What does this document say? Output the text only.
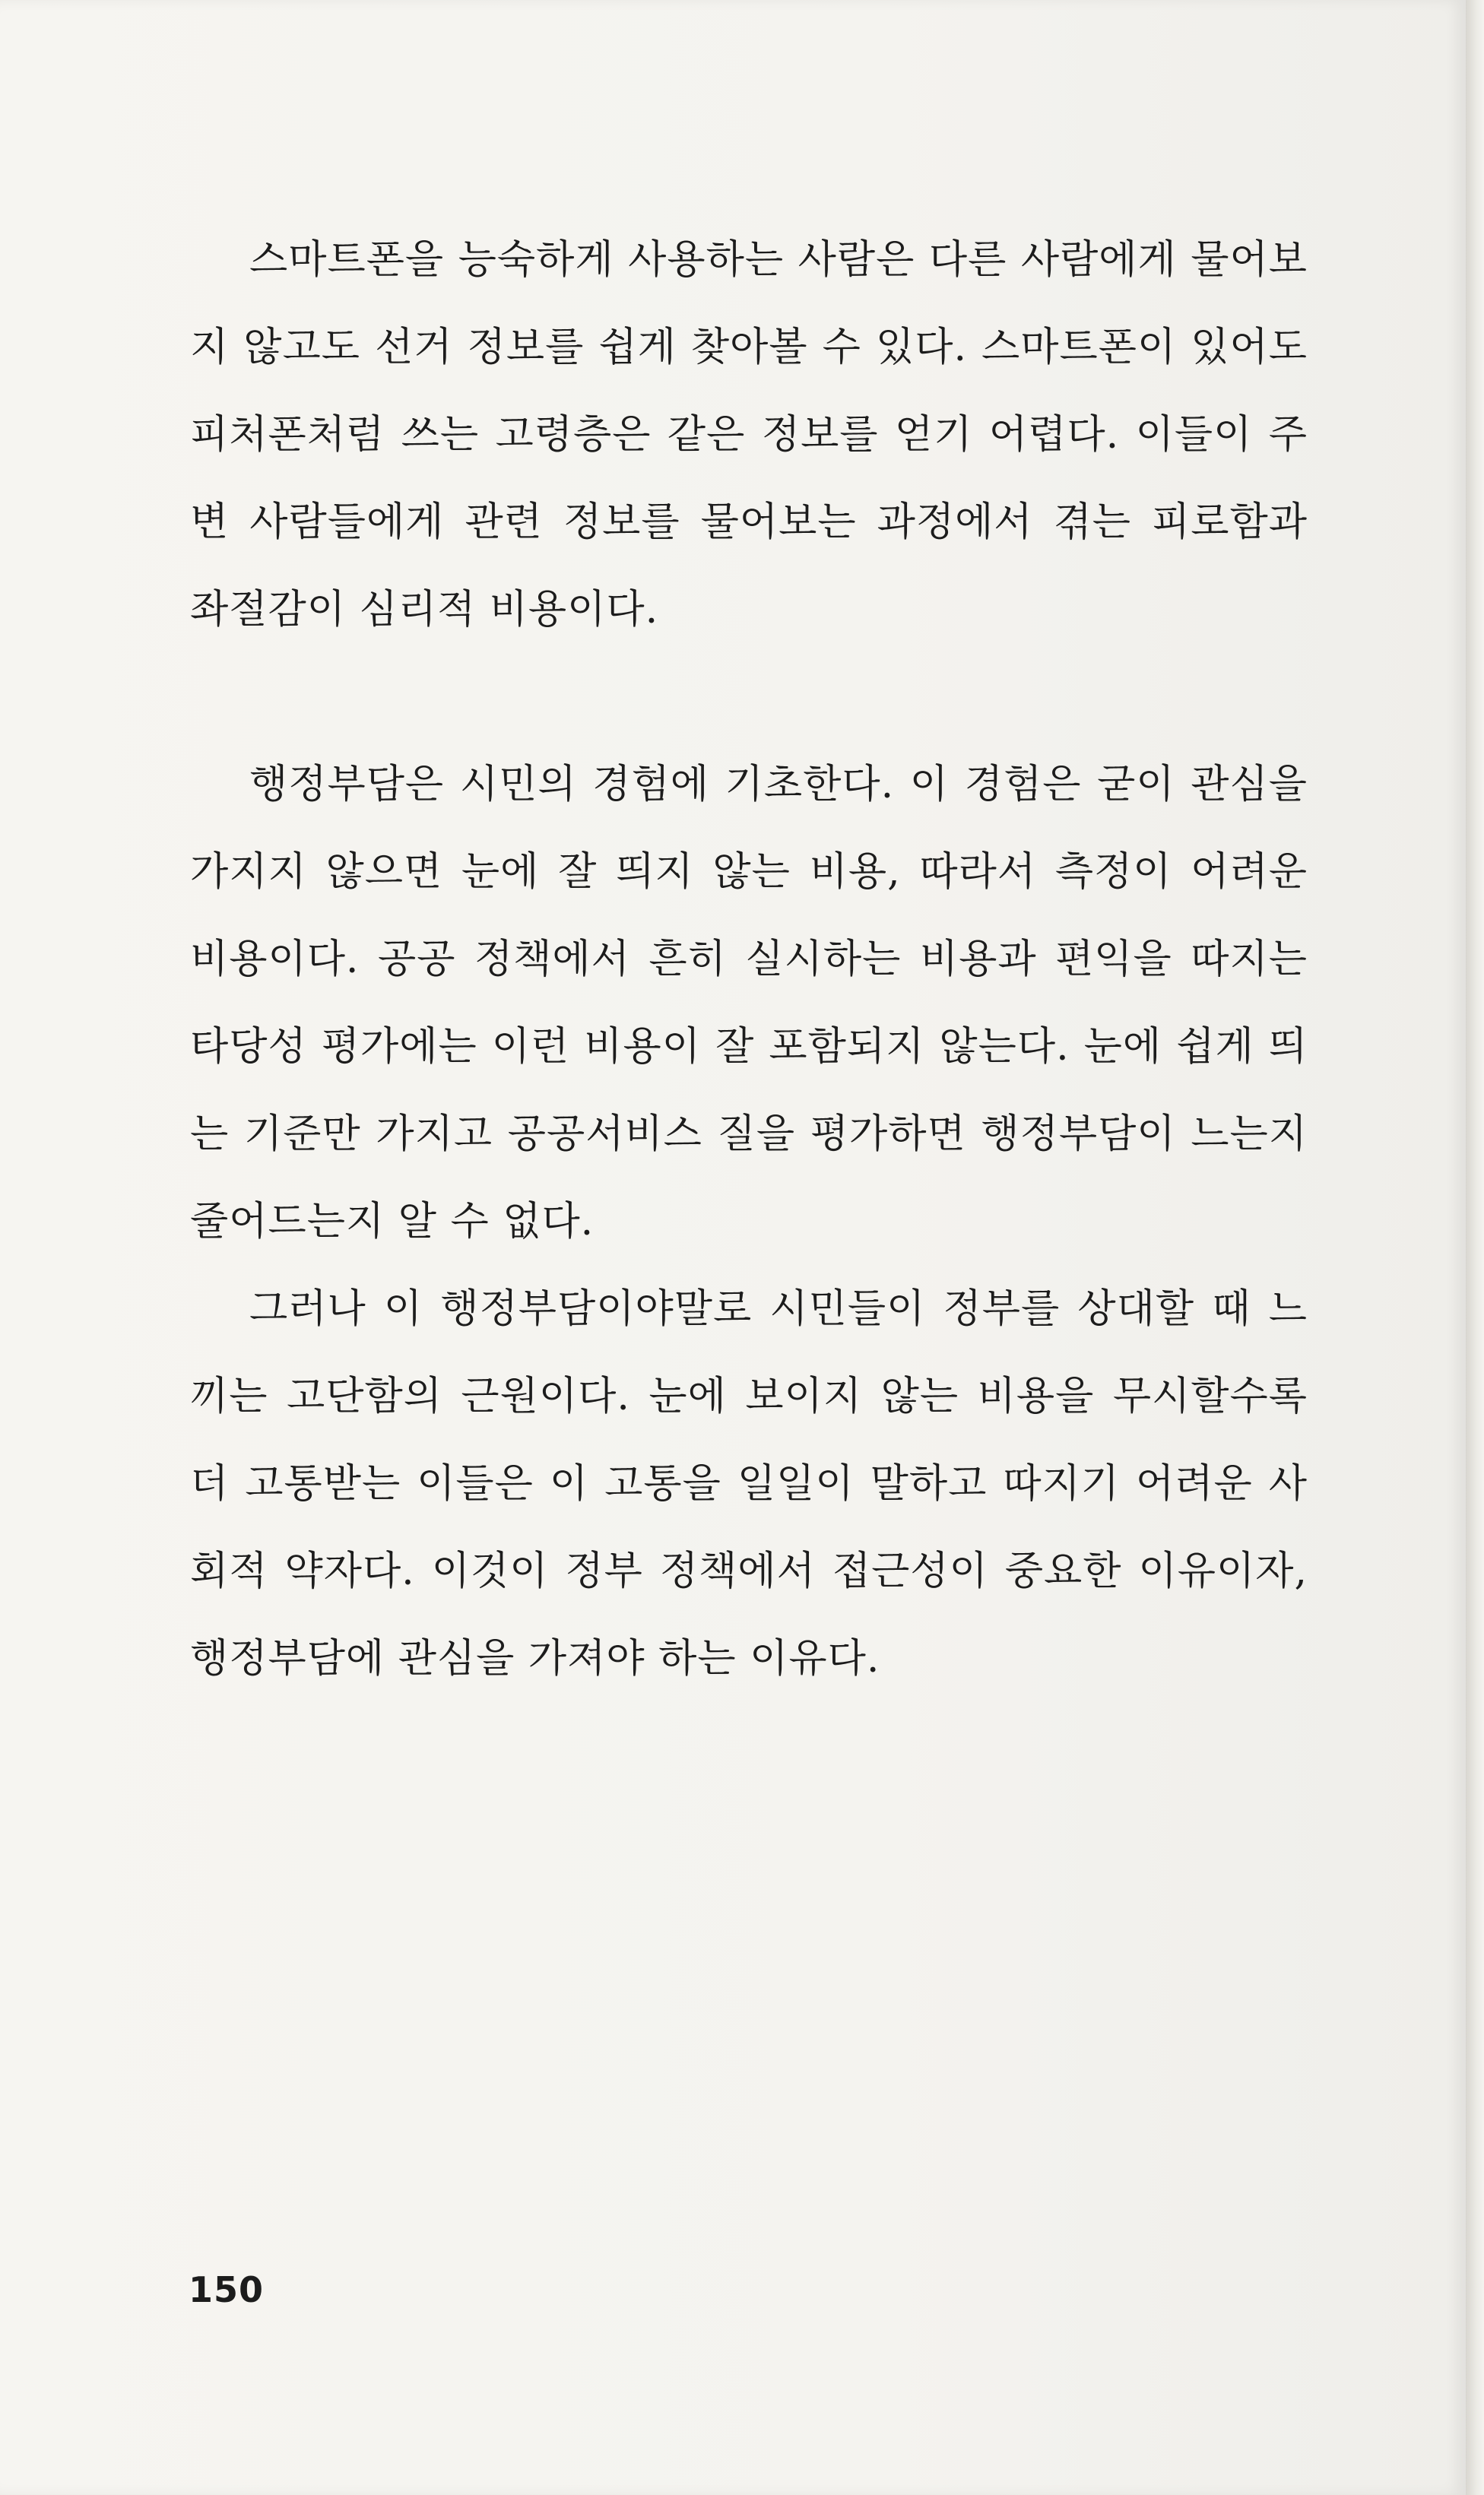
스마트폰을 능숙하게 사용하는 사람은 다른 사람에게 물어보지 않고도 선거 정보를 쉽게 찾아볼 수 있다. 스마트폰이 있어도 피처폰처럼 쓰는 고령층은 같은 정보를 얻기 어렵다. 이들이 주변 사람들에게 관련 정보를 물어보는 과정에서 겪는 피로함과 좌절감이 심리적 비용이다.

행정부담은 시민의 경험에 기초한다. 이 경험은 굳이 관심을 가지지 않으면 눈에 잘 띄지 않는 비용, 따라서 측정이 어려운 비용이다. 공공 정책에서 흔히 실시하는 비용과 편익을 따지는 타당성 평가에는 이런 비용이 잘 포함되지 않는다. 눈에 쉽게 띄는 기준만 가지고 공공서비스 질을 평가하면 행정부담이 느는지 줄어드는지 알 수 없다.

그러나 이 행정부담이야말로 시민들이 정부를 상대할 때 느끼는 고단함의 근원이다. 눈에 보이지 않는 비용을 무시할수록 더 고통받는 이들은 이 고통을 일일이 말하고 따지기 어려운 사회적 약자다. 이것이 정부 정책에서 접근성이 중요한 이유이자, 행정부담에 관심을 가져야 하는 이유다.

150
